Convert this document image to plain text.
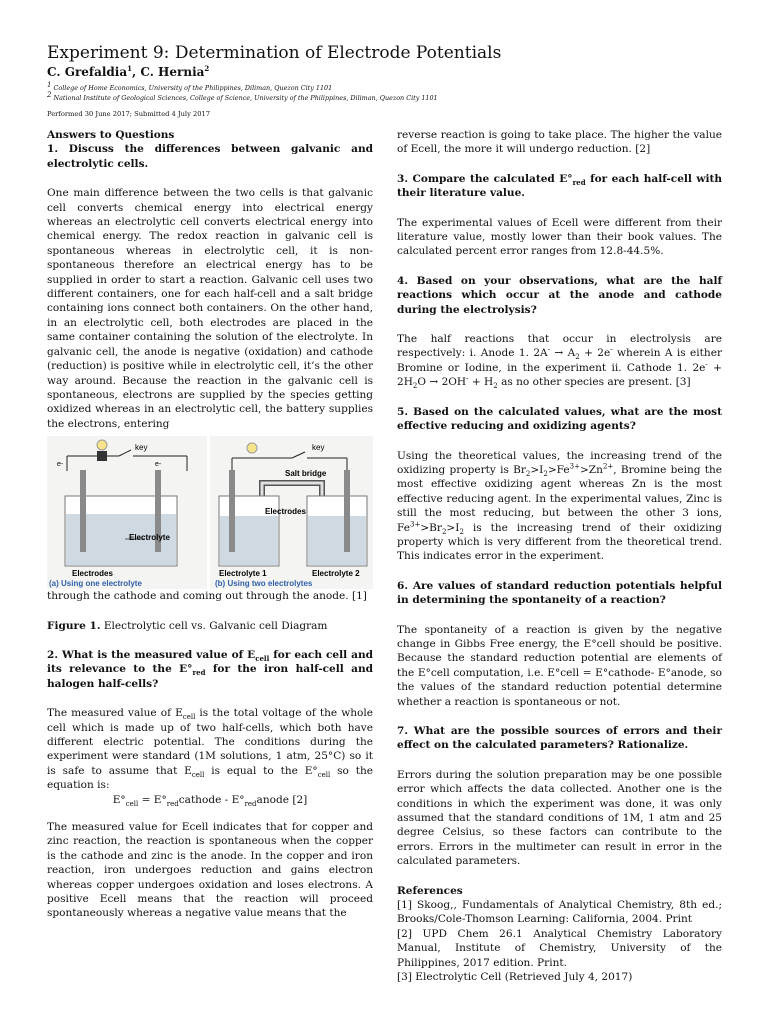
Experiment 9: Determination of Electrode Potentials
C. Grefaldia$^1$, C. Hernia$^2$
$^1$ College of Home Economics, University of the Philippines, Diliman, Quezon City 1101
$^2$ National Institute of Geological Sciences, College of Science, University of the Philippines, Diliman, Quezon City 1101
Performed 30 June 2017; Submitted 4 July 2017

Answers to Questions

1. Discuss the differences between galvanic and electrolytic cells.

One main difference between the two cells is that galvanic cell converts chemical energy into electrical energy whereas an electrolytic cell converts electrical energy into chemical energy. The redox reaction in galvanic cell is spontaneous whereas in electrolytic cell, it is non-spontaneous therefore an electrical energy has to be supplied in order to start a reaction. Galvanic cell uses two different containers, one for each half-cell and a salt bridge containing ions connect both containers. On the other hand, in an electrolytic cell, both electrodes are placed in the same container containing the solution of the electrolyte. In galvanic cell, the anode is negative (oxidation) and cathode (reduction) is positive while in electrolytic cell, it’s the other way around. Because the reaction in the galvanic cell is spontaneous, electrons are supplied by the species getting oxidized whereas in an electrolytic cell, the battery supplies the electrons, entering

key
e-	e-
Electrolyte
Electrodes
(a) Using one electrolyte
key
Salt bridge
Electrodes
Electrolyte 1	Electrolyte 2
(b) Using two electrolytes

through the cathode and coming out through the anode. [1]

Figure 1. Electrolytic cell vs. Galvanic cell Diagram

2. What is the measured value of $E_{cell}$ for each cell and its relevance to the $E^\circ_{red}$ for the iron half-cell and halogen half-cells?

The measured value of $E_{cell}$ is the total voltage of the whole cell which is made up of two half-cells, which both have different electric potential. The conditions during the experiment were standard (1M solutions, 1 atm, 25°C) so it is safe to assume that $E_{cell}$ is equal to the $E^\circ_{cell}$ so the equation is:

$E^\circ_{cell}$ = $E^\circ_{red}cathode$ - $E^\circ_{red}anode$ [2]

The measured value for Ecell indicates that for copper and zinc reaction, the reaction is spontaneous when the copper is the cathode and zinc is the anode. In the copper and iron reaction, iron undergoes reduction and gains electron whereas copper undergoes oxidation and loses electrons. A positive Ecell means that the reaction will proceed spontaneously whereas a negative value means that the

reverse reaction is going to take place. The higher the value of Ecell, the more it will undergo reduction. [2]

3. Compare the calculated $E^\circ_{red}$ for each half-cell with their literature value.

The experimental values of Ecell were different from their literature value, mostly lower than their book values. The calculated percent error ranges from 12.8-44.5%.

4. Based on your observations, what are the half reactions which occur at the anode and cathode during the electrolysis?

The half reactions that occur in electrolysis are respectively: i. Anode 1. $2A^- \to A_2 + 2e^-$ wherein A is either Bromine or Iodine, in the experiment ii. Cathode 1. $2e^- + 2H_2O \to 2OH^- + H_2$ as no other species are present. [3]

5. Based on the calculated values, what are the most effective reducing and oxidizing agents?

Using the theoretical values, the increasing trend of the oxidizing property is $Br_2>I_2>Fe^{3+}>Zn^{2+}$, Bromine being the most effective oxidizing agent whereas Zn is the most effective reducing agent. In the experimental values, Zinc is still the most reducing, but between the other 3 ions, $Fe^{3+}>Br_2>I_2$ is the increasing trend of their oxidizing property which is very different from the theoretical trend. This indicates error in the experiment.

6. Are values of standard reduction potentials helpful in determining the spontaneity of a reaction?

The spontaneity of a reaction is given by the negative change in Gibbs Free energy, the E°cell should be positive. Because the standard reduction potential are elements of the E°cell computation, i.e. E°cell = E°cathode- E°anode, so the values of the standard reduction potential determine whether a reaction is spontaneous or not.

7. What are the possible sources of errors and their effect on the calculated parameters? Rationalize.

Errors during the solution preparation may be one possible error which affects the data collected. Another one is the conditions in which the experiment was done, it was only assumed that the standard conditions of 1M, 1 atm and 25 degree Celsius, so these factors can contribute to the errors. Errors in the multimeter can result in error in the calculated parameters.

References

[1] Skoog,, Fundamentals of Analytical Chemistry, 8th ed.; Brooks/Cole-Thomson Learning: California, 2004. Print

[2] UPD Chem 26.1 Analytical Chemistry Laboratory Manual, Institute of Chemistry, University of the Philippines, 2017 edition. Print.

[3] Electrolytic Cell (Retrieved July 4, 2017)
